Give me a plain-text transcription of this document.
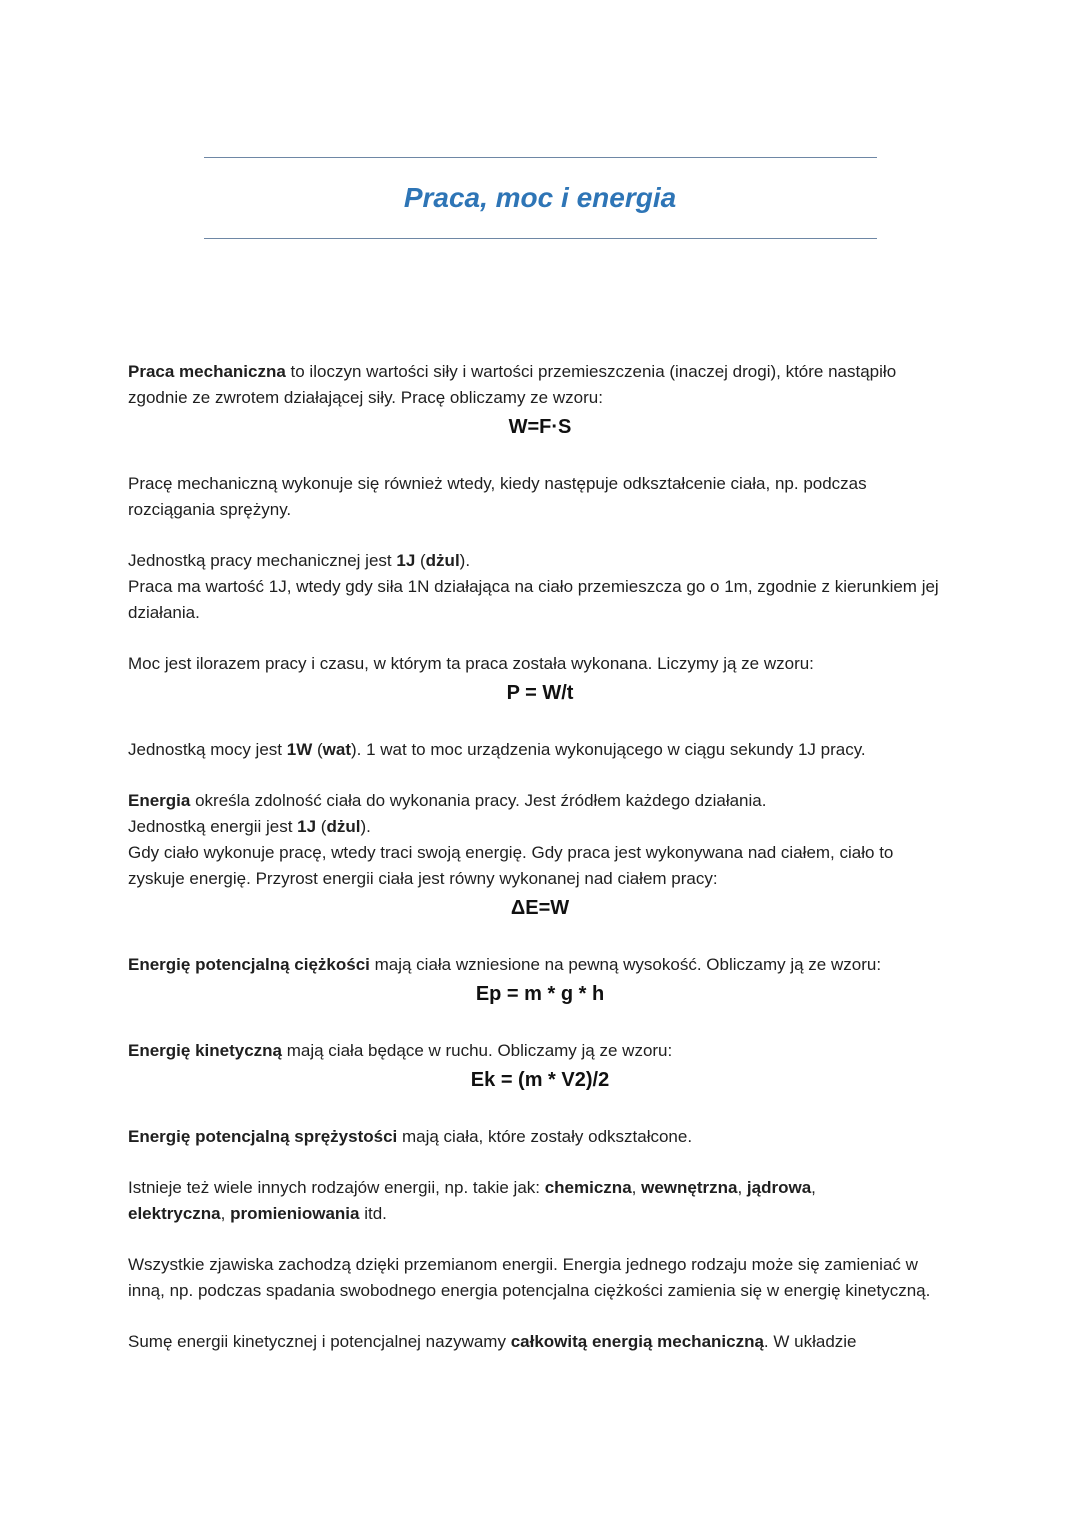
Praca, moc i energia

Praca mechaniczna to iloczyn wartości siły i wartości przemieszczenia (inaczej drogi), które nastąpiło zgodnie ze zwrotem działającej siły. Pracę obliczamy ze wzoru:

W=F·S

Pracę mechaniczną wykonuje się również wtedy, kiedy następuje odkształcenie ciała, np. podczas rozciągania sprężyny.

Jednostką pracy mechanicznej jest 1J (dżul).
Praca ma wartość 1J, wtedy gdy siła 1N działająca na ciało przemieszcza go o 1m, zgodnie z kierunkiem jej działania.

Moc jest ilorazem pracy i czasu, w którym ta praca została wykonana. Liczymy ją ze wzoru:

P = W/t

Jednostką mocy jest 1W (wat). 1 wat to moc urządzenia wykonującego w ciągu sekundy 1J pracy.

Energia określa zdolność ciała do wykonania pracy. Jest źródłem każdego działania.
Jednostką energii jest 1J (dżul).
Gdy ciało wykonuje pracę, wtedy traci swoją energię. Gdy praca jest wykonywana nad ciałem, ciało to zyskuje energię. Przyrost energii ciała jest równy wykonanej nad ciałem pracy:

ΔE=W

Energię potencjalną ciężkości mają ciała wzniesione na pewną wysokość. Obliczamy ją ze wzoru:

Ep = m * g * h

Energię kinetyczną mają ciała będące w ruchu. Obliczamy ją ze wzoru:

Ek = (m * V2)/2

Energię potencjalną sprężystości mają ciała, które zostały odkształcone.

Istnieje też wiele innych rodzajów energii, np. takie jak: chemiczna, wewnętrzna, jądrowa,
elektryczna, promieniowania itd.

Wszystkie zjawiska zachodzą dzięki przemianom energii. Energia jednego rodzaju może się zamieniać w inną, np. podczas spadania swobodnego energia potencjalna ciężkości zamienia się w energię kinetyczną.

Sumę energii kinetycznej i potencjalnej nazywamy całkowitą energią mechaniczną. W układzie
